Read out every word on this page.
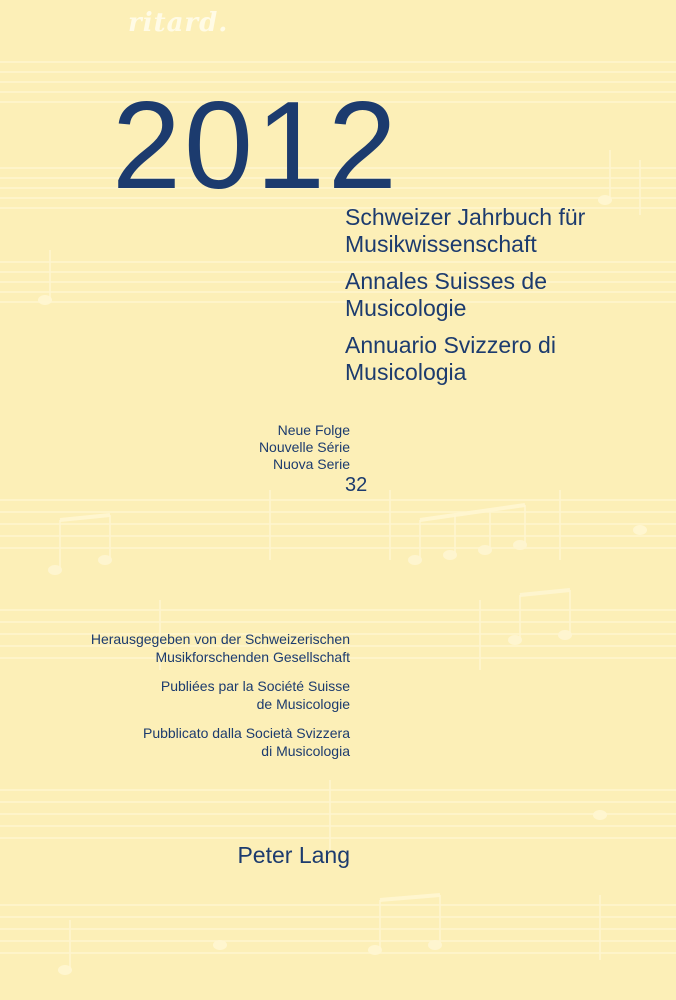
ritard.
2012
Schweizer Jahrbuch für
Musikwissenschaft
Annales Suisses de
Musicologie
Annuario Svizzero di
Musicologia
Neue Folge
Nouvelle Série
Nuova Serie
32
Herausgegeben von der Schweizerischen
Musikforschenden Gesellschaft
Publiées par la Société Suisse
de Musicologie
Pubblicato dalla Società Svizzera
di Musicologia
Peter Lang
